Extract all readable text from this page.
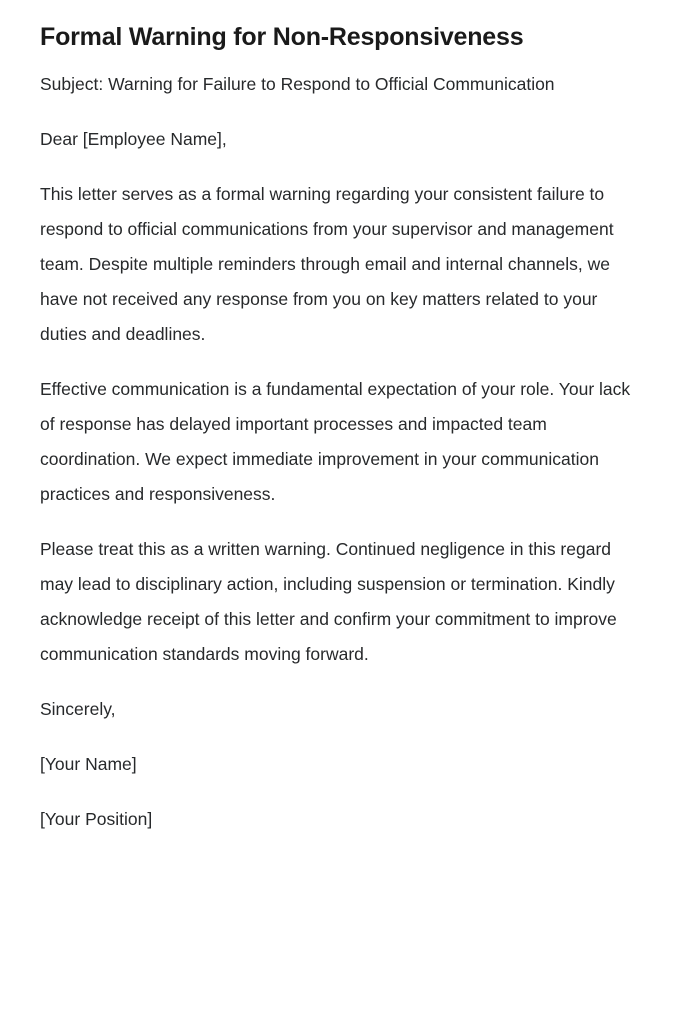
Formal Warning for Non-Responsiveness

Subject: Warning for Failure to Respond to Official Communication

Dear [Employee Name],

This letter serves as a formal warning regarding your consistent failure to respond to official communications from your supervisor and management team. Despite multiple reminders through email and internal channels, we have not received any response from you on key matters related to your duties and deadlines.

Effective communication is a fundamental expectation of your role. Your lack of response has delayed important processes and impacted team coordination. We expect immediate improvement in your communication practices and responsiveness.

Please treat this as a written warning. Continued negligence in this regard may lead to disciplinary action, including suspension or termination. Kindly acknowledge receipt of this letter and confirm your commitment to improve communication standards moving forward.

Sincerely,

[Your Name]

[Your Position]
